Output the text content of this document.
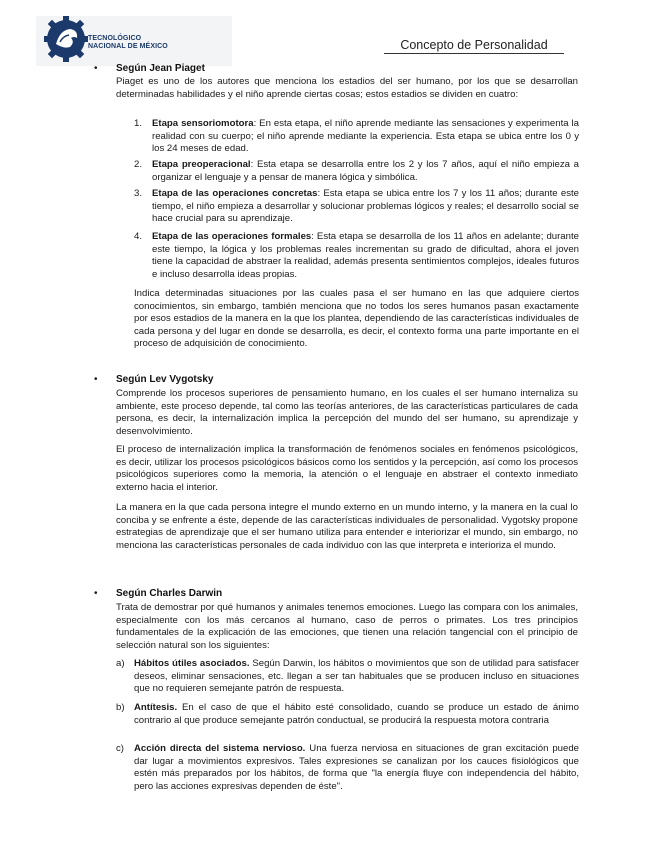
TECNOLÓGICO
NACIONAL DE MÉXICO	Concepto de Personalidad
• Según Jean Piaget
Piaget es uno de los autores que menciona los estadios del ser humano, por los que se desarrollan determinadas habilidades y el niño aprende ciertas cosas; estos estadios se dividen en cuatro:
1. Etapa sensoriomotora: En esta etapa, el niño aprende mediante las sensaciones y experimenta la realidad con su cuerpo; el niño aprende mediante la experiencia. Esta etapa se ubica entre los 0 y los 24 meses de edad.
2. Etapa preoperacional: Esta etapa se desarrolla entre los 2 y los 7 años, aquí el niño empieza a organizar el lenguaje y a pensar de manera lógica y simbólica.
3. Etapa de las operaciones concretas: Esta etapa se ubica entre los 7 y los 11 años; durante este tiempo, el niño empieza a desarrollar y solucionar problemas lógicos y reales; el desarrollo social se hace crucial para su aprendizaje.
4. Etapa de las operaciones formales: Esta etapa se desarrolla de los 11 años en adelante; durante este tiempo, la lógica y los problemas reales incrementan su grado de dificultad, ahora el joven tiene la capacidad de abstraer la realidad, además presenta sentimientos complejos, ideales futuros e incluso desarrolla ideas propias.
Indica determinadas situaciones por las cuales pasa el ser humano en las que adquiere ciertos conocimientos, sin embargo, también menciona que no todos los seres humanos pasan exactamente por esos estadios de la manera en la que los plantea, dependiendo de las características individuales de cada persona y del lugar en donde se desarrolla, es decir, el contexto forma una parte importante en el proceso de adquisición de conocimiento.
• Según Lev Vygotsky
Comprende los procesos superiores de pensamiento humano, en los cuales el ser humano internaliza su ambiente, este proceso depende, tal como las teorías anteriores, de las características particulares de cada persona, es decir, la internalización implica la percepción del mundo del ser humano, su aprendizaje y desenvolvimiento.
El proceso de internalización implica la transformación de fenómenos sociales en fenómenos psicológicos, es decir, utilizar los procesos psicológicos básicos como los sentidos y la percepción, así como los procesos psicológicos superiores como la memoria, la atención o el lenguaje en abstraer el contexto inmediato externo hacia el interior.
La manera en la que cada persona integre el mundo externo en un mundo interno, y la manera en la cual lo conciba y se enfrente a éste, depende de las características individuales de personalidad. Vygotsky propone estrategias de aprendizaje que el ser humano utiliza para entender e interiorizar el mundo, sin embargo, no menciona las características personales de cada individuo con las que interpreta e interioriza el mundo.
• Según Charles Darwin
Trata de demostrar por qué humanos y animales tenemos emociones. Luego las compara con los animales, especialmente con los más cercanos al humano, caso de perros o primates. Los tres principios fundamentales de la explicación de las emociones, que tienen una relación tangencial con el principio de selección natural son los siguientes:
a) Hábitos útiles asociados. Según Darwin, los hábitos o movimientos que son de utilidad para satisfacer deseos, eliminar sensaciones, etc. llegan a ser tan habituales que se producen incluso en situaciones que no requieren semejante patrón de respuesta.
b) Antítesis. En el caso de que el hábito esté consolidado, cuando se produce un estado de ánimo contrario al que produce semejante patrón conductual, se producirá la respuesta motora contraria
c) Acción directa del sistema nervioso. Una fuerza nerviosa en situaciones de gran excitación puede dar lugar a movimientos expresivos. Tales expresiones se canalizan por los cauces fisiológicos que estén más preparados por los hábitos, de forma que "la energía fluye con independencia del hábito, pero las acciones expresivas dependen de éste".
